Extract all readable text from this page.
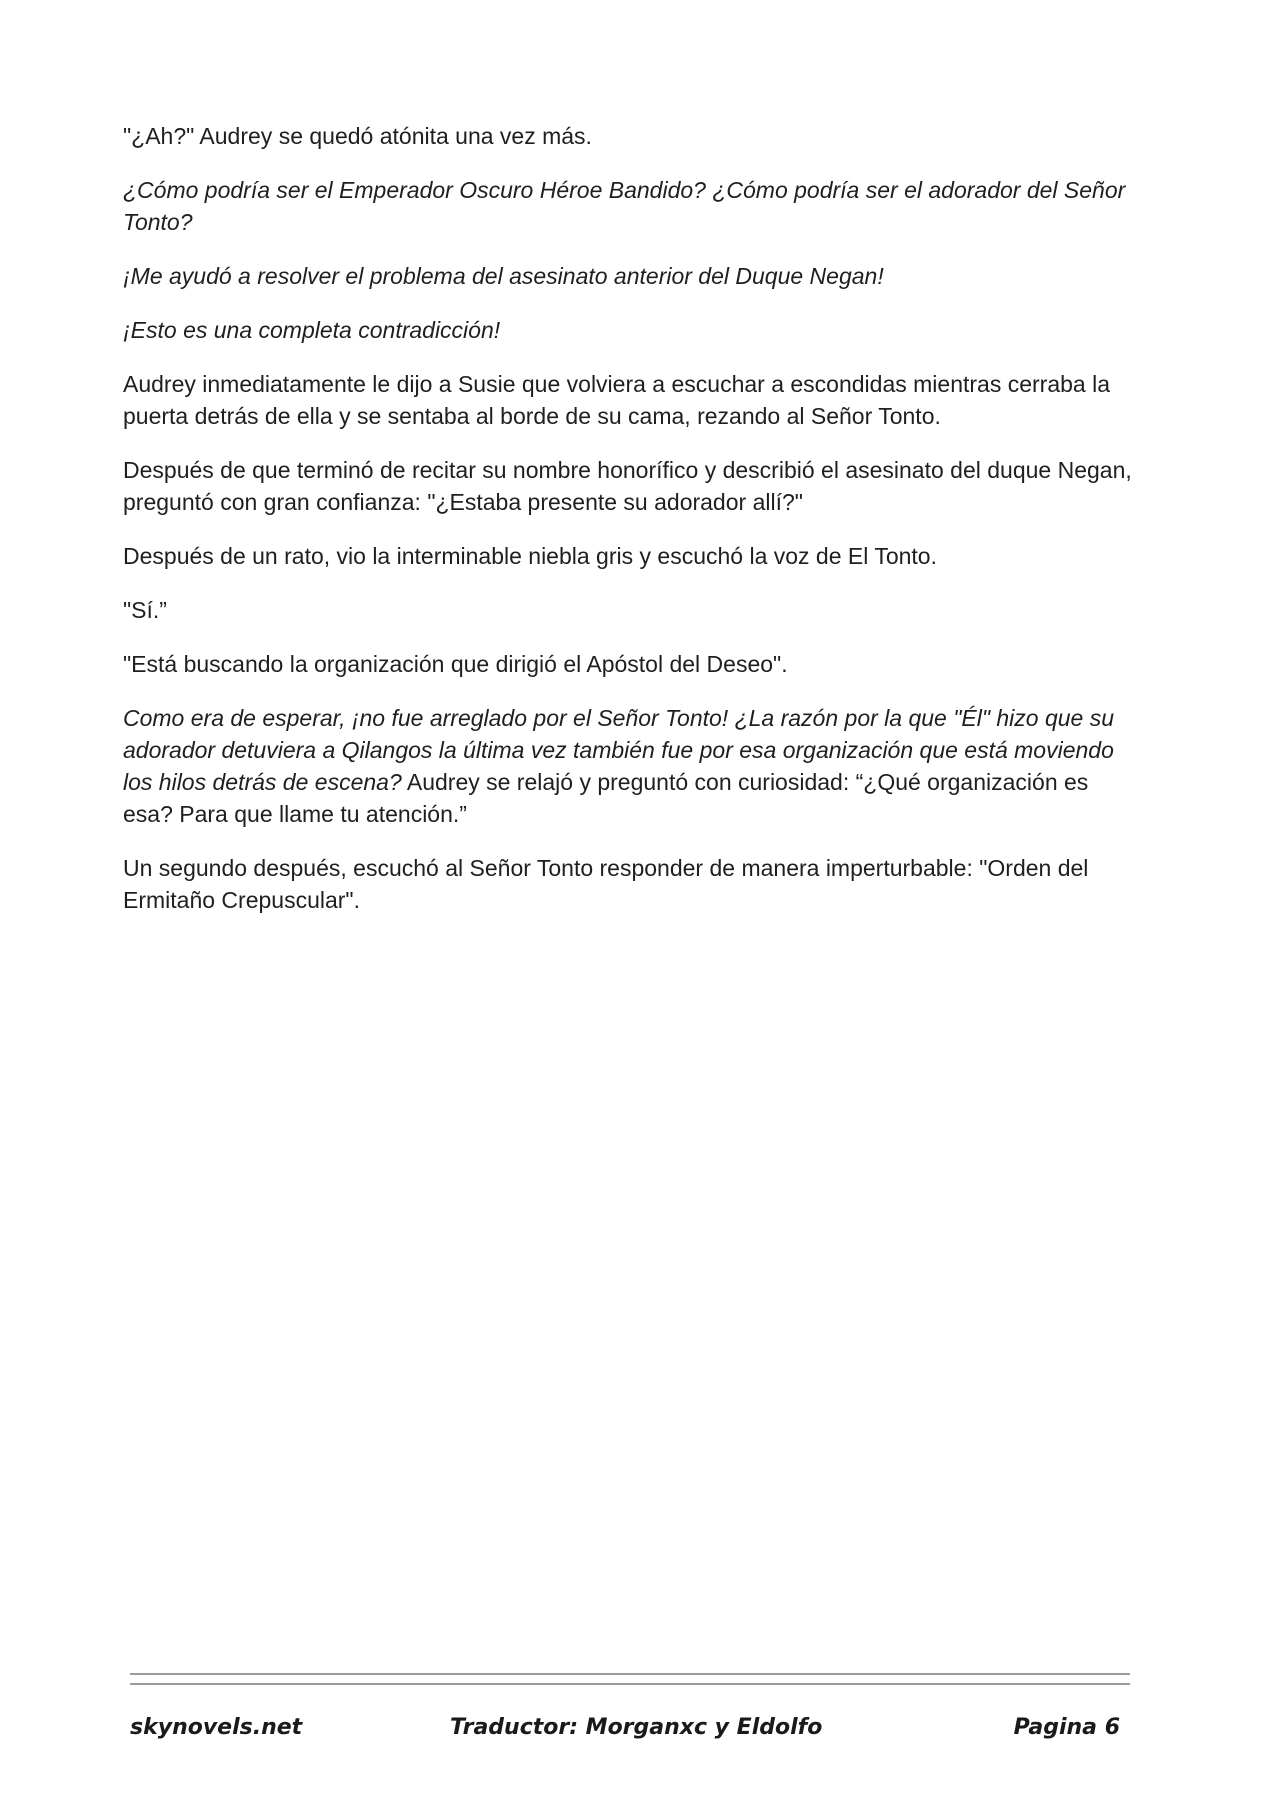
"¿Ah?" Audrey se quedó atónita una vez más.

¿Cómo podría ser el Emperador Oscuro Héroe Bandido? ¿Cómo podría ser el adorador del Señor Tonto?

¡Me ayudó a resolver el problema del asesinato anterior del Duque Negan!

¡Esto es una completa contradicción!

Audrey inmediatamente le dijo a Susie que volviera a escuchar a escondidas mientras cerraba la puerta detrás de ella y se sentaba al borde de su cama, rezando al Señor Tonto.

Después de que terminó de recitar su nombre honorífico y describió el asesinato del duque Negan, preguntó con gran confianza: "¿Estaba presente su adorador allí?"

Después de un rato, vio la interminable niebla gris y escuchó la voz de El Tonto.

"Sí.”

"Está buscando la organización que dirigió el Apóstol del Deseo".

Como era de esperar, ¡no fue arreglado por el Señor Tonto! ¿La razón por la que "Él" hizo que su adorador detuviera a Qilangos la última vez también fue por esa organización que está moviendo los hilos detrás de escena? Audrey se relajó y preguntó con curiosidad: “¿Qué organización es esa? Para que llame tu atención.”

Un segundo después, escuchó al Señor Tonto responder de manera imperturbable: "Orden del Ermitaño Crepuscular".

skynovels.net	Traductor: Morganxc y Eldolfo	Pagina 6
